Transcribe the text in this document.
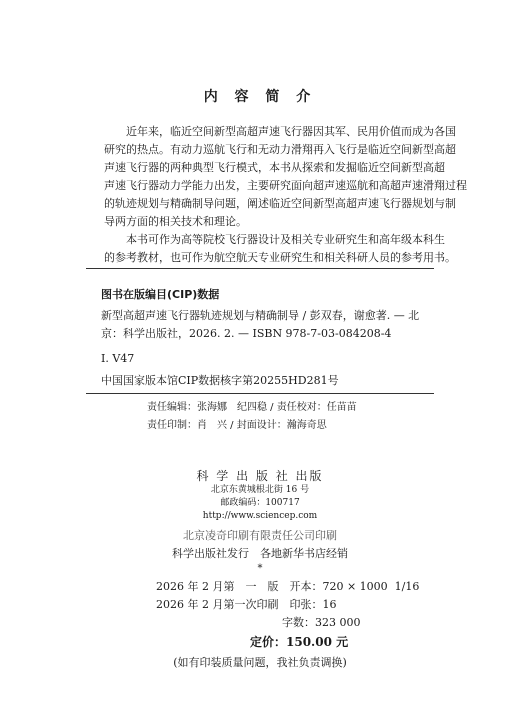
内 容 简 介
近年来，临近空间新型高超声速飞行器因其军、民用价值而成为各国
研究的热点。有动力巡航飞行和无动力滑翔再入飞行是临近空间新型高超
声速飞行器的两种典型飞行模式，本书从探索和发掘临近空间新型高超
声速飞行器动力学能力出发，主要研究面向超声速巡航和高超声速滑翔过程
的轨迹规划与精确制导问题，阐述临近空间新型高超声速飞行器规划与制
导两方面的相关技术和理论。
本书可作为高等院校飞行器设计及相关专业研究生和高年级本科生
的参考教材，也可作为航空航天专业研究生和相关科研人员的参考用书。
图书在版编目(CIP)数据
新型高超声速飞行器轨迹规划与精确制导 / 彭双春，谢愈著. — 北
京：科学出版社，2026. 2. — ISBN 978-7-03-084208-4
Ⅰ. V47
中国国家版本馆CIP数据核字第20255HD281号
责任编辑：张海娜　纪四稳 / 责任校对：任苗苗
责任印制：肖　兴 / 封面设计：瀚海奇思
科 学 出 版 社 出版
北京东黄城根北街 16 号
邮政编码：100717
http://www.sciencep.com
北京凌奇印刷有限责任公司印刷
科学出版社发行　各地新华书店经销
*
2026 年 2 月第　一　版　开本：720 × 1000  1/16
2026 年 2 月第一次印刷　印张：16
字数：323 000
定价：150.00 元
(如有印装质量问题，我社负责调换)
